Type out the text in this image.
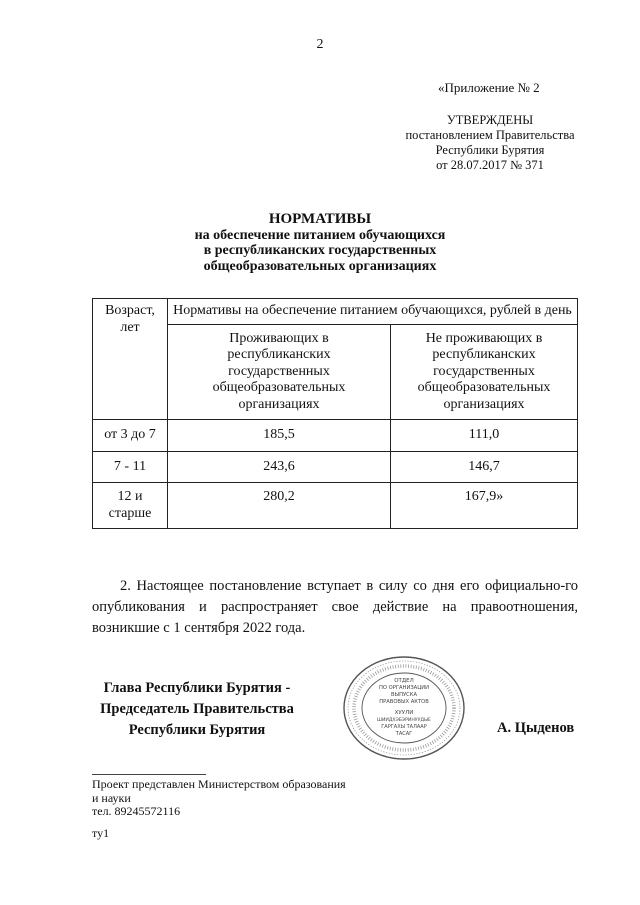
2
«Приложение № 2
УТВЕРЖДЕНЫ
постановлением Правительства
Республики Бурятия
от 28.07.2017 № 371
НОРМАТИВЫ
на обеспечение питанием обучающихся
в республиканских государственных
общеобразовательных организациях
Возраст, лет	Нормативы на обеспечение питанием обучающихся, рублей в день	
	Проживающих в республиканских государственных общеобразовательных организациях	Не проживающих в республиканских государственных общеобразовательных организациях
от 3 до 7	185,5	111,0
7 - 11	243,6	146,7
12 и старше	280,2	167,9»
2. Настоящее постановление вступает в силу со дня его официально-го опубликования и распространяет свое действие на правоотношения, возникшие с 1 сентября 2022 года.
Глава Республики Бурятия -
Председатель Правительства
Республики Бурятия
ОТДЕЛ
ПО ОРГАНИЗАЦИИ
ВЫПУСКА
ПРАВОВЫХ АКТОВ
ХУУЛИ
ШИИДХЭБЭРИНУУДЫЕ
ГАРГАХЫ ТАЛААР
ТАСАГ	А. Цыденов
Проект представлен Министерством образования
и науки
тел. 89245572116
ту1
